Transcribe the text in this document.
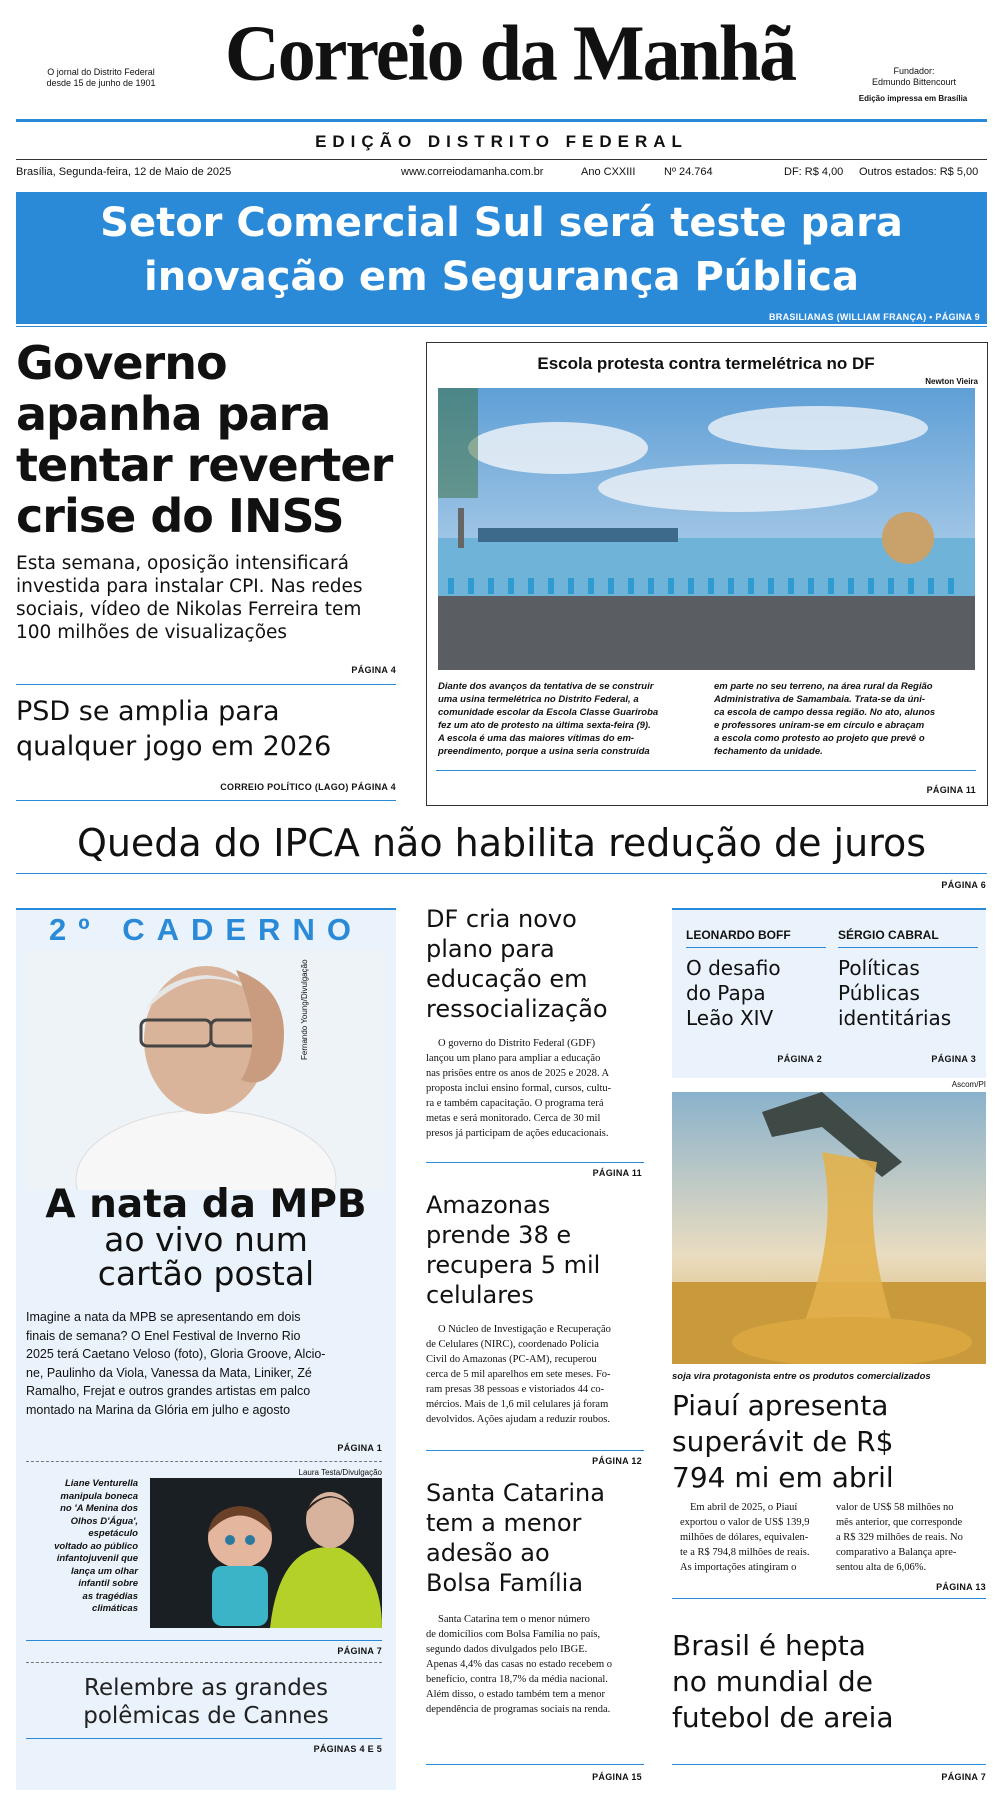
O jornal do Distrito Federal
desde 15 de junho de 1901 Correio da Manhã	Fundador:
Edmundo Bittencourt
Edição impressa em Brasília
EDIÇÃO DISTRITO FEDERAL
Brasília, Segunda-feira, 12 de Maio de 2025	www.correiodamanha.com.br	Ano CXXIII	Nº 24.764	DF: R$ 4,00 Outros estados: R$ 5,00
Setor Comercial Sul será teste para
inovação em Segurança Pública
BRASILIANAS (WILLIAM FRANÇA) • PÁGINA 9
Governo
apanha para
tentar reverter
crise do INSS
Esta semana, oposição intensificará
investida para instalar CPI. Nas redes
sociais, vídeo de Nikolas Ferreira tem
100 milhões de visualizações
PÁGINA 4
PSD se amplia para
qualquer jogo em 2026
CORREIO POLÍTICO (LAGO) PÁGINA 4
Escola protesta contra termelétrica no DF
Newton Vieira
Diante dos avanços da tentativa de se construir
uma usina termelétrica no Distrito Federal, a
comunidade escolar da Escola Classe Guariroba
fez um ato de protesto na última sexta-feira (9).
A escola é uma das maiores vítimas do em-
preendimento, porque a usina seria construída
em parte no seu terreno, na área rural da Região
Administrativa de Samambaia. Trata-se da úni-
ca escola de campo dessa região. No ato, alunos
e professores uniram-se em círculo e abraçam
a escola como protesto ao projeto que prevê o
fechamento da unidade.
PÁGINA 11
Queda do IPCA não habilita redução de juros
PÁGINA 6
2º CADERNO
Fernando Young/Divulgação
A nata da MPB
ao vivo num
cartão postal
Imagine a nata da MPB se apresentando em dois
finais de semana? O Enel Festival de Inverno Rio
2025 terá Caetano Veloso (foto), Gloria Groove, Alcio-
ne, Paulinho da Viola, Vanessa da Mata, Liniker, Zé
Ramalho, Frejat e outros grandes artistas em palco
montado na Marina da Glória em julho e agosto
PÁGINA 1
Laura Testa/Divulgação
Liane Venturella
manipula boneca
no 'A Menina dos
Olhos D'Água',
espetáculo
voltado ao público
infantojuvenil que
lança um olhar
infantil sobre
as tragédias
climáticas
PÁGINA 7
Relembre as grandes
polêmicas de Cannes
PÁGINAS 4 E 5
DF cria novo
plano para
educação em
ressocialização
O governo do Distrito Federal (GDF)
lançou um plano para ampliar a educação
nas prisões entre os anos de 2025 e 2028. A
proposta inclui ensino formal, cursos, cultu-
ra e também capacitação. O programa terá
metas e será monitorado. Cerca de 30 mil
presos já participam de ações educacionais.
PÁGINA 11
Amazonas
prende 38 e
recupera 5 mil
celulares
O Núcleo de Investigação e Recuperação
de Celulares (NIRC), coordenado Polícia
Civil do Amazonas (PC-AM), recuperou
cerca de 5 mil aparelhos em sete meses. Fo-
ram presas 38 pessoas e vistoriados 44 co-
mércios. Mais de 1,6 mil celulares já foram
devolvidos. Ações ajudam a reduzir roubos.
PÁGINA 12
Santa Catarina
tem a menor
adesão ao
Bolsa Família
Santa Catarina tem o menor número
de domicílios com Bolsa Família no país,
segundo dados divulgados pelo IBGE.
Apenas 4,4% das casas no estado recebem o
benefício, contra 18,7% da média nacional.
Além disso, o estado também tem a menor
dependência de programas sociais na renda.
PÁGINA 15
LEONARDO BOFF
O desafio
do Papa
Leão XIV
PÁGINA 2
SÉRGIO CABRAL
Políticas
Públicas
identitárias
PÁGINA 3
Ascom/PI
soja vira protagonista entre os produtos comercializados
Piauí apresenta
superávit de R$
794 mi em abril
Em abril de 2025, o Piauí
exportou o valor de US$ 139,9
milhões de dólares, equivalen-
te a R$ 794,8 milhões de reais.
As importações atingiram o
valor de US$ 58 milhões no
mês anterior, que corresponde
a R$ 329 milhões de reais. No
comparativo a Balança apre-
sentou alta de 6,06%.
PÁGINA 13
Brasil é hepta
no mundial de
futebol de areia
PÁGINA 7
